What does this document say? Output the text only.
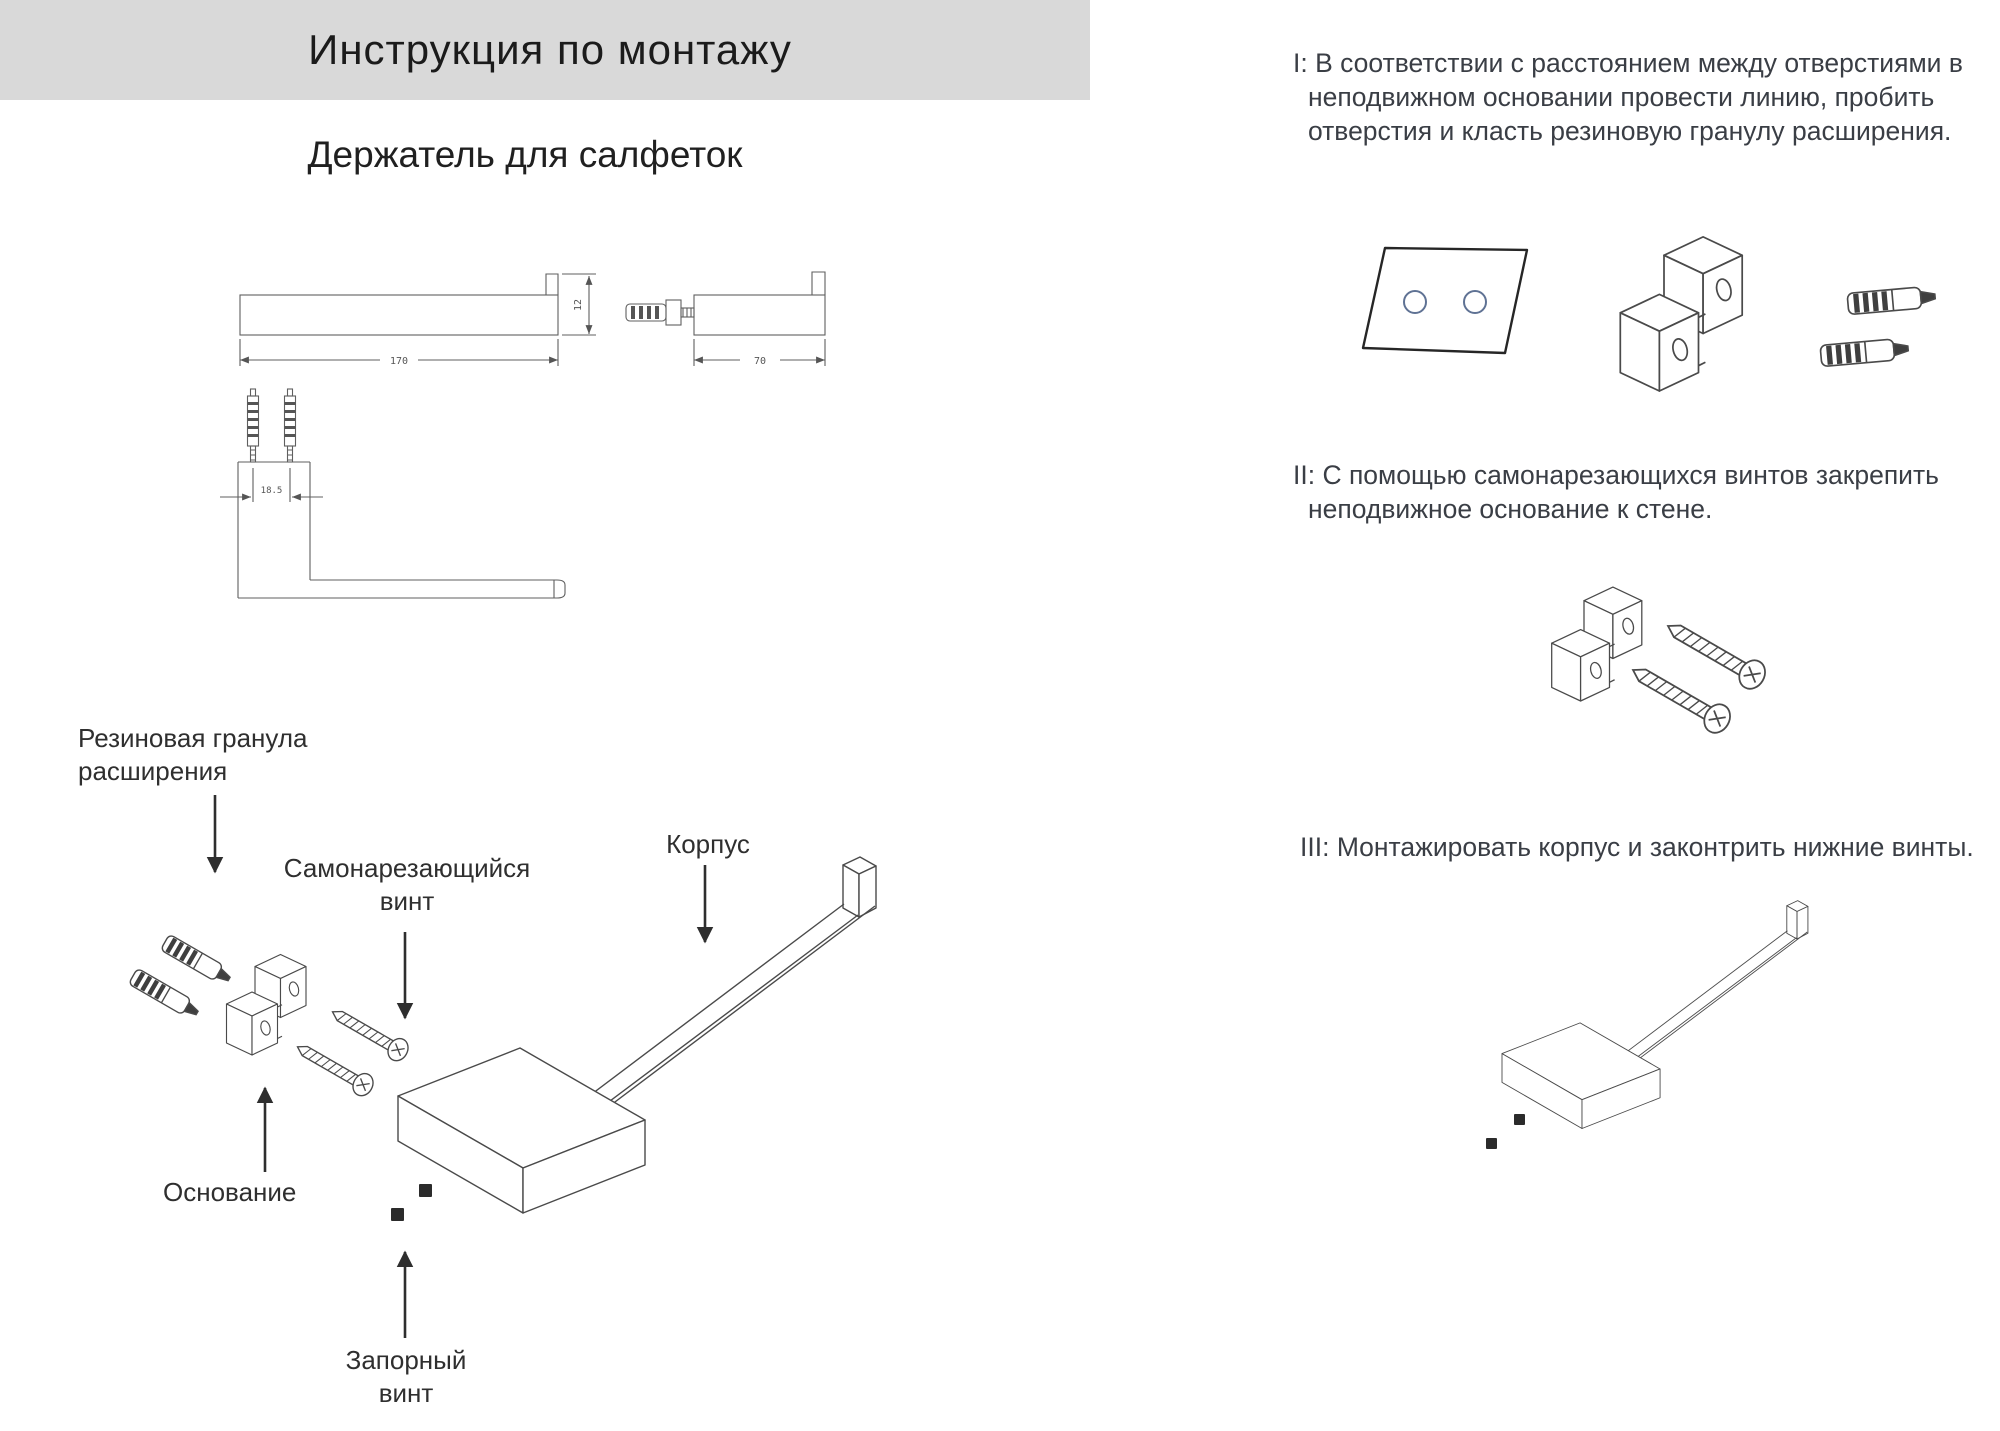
Инструкция по монтажу
Держатель для салфеток
170
12
70
18.5
Резиновая гранула расширения
Самонарезающийся винт
Корпус
Основание
Запорный винт
I: В соответствии с расстоянием между отверстиями в неподвижном основании провести линию, пробить отверстия и класть резиновую гранулу расширения.
II: С помощью самонарезающихся винтов закрепить неподвижное основание к стене.
III: Монтажировать корпус и законтрить нижние винты.
